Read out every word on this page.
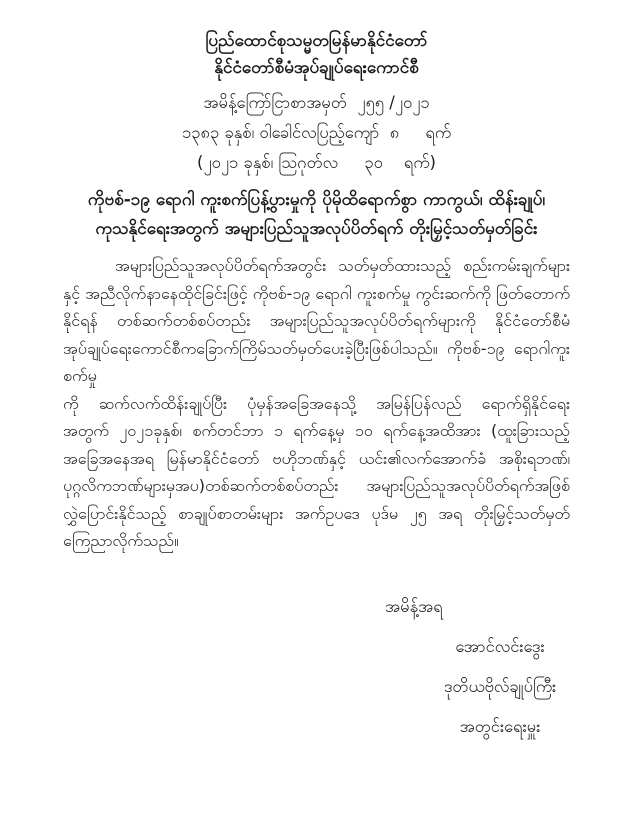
ပြည်ထောင်စုသမ္မတမြန်မာနိုင်ငံတော်
နိုင်ငံတော်စီမံအုပ်ချုပ်ရေးကောင်စီ
အမိန့်ကြော်ငြာစာအမှတ်  ၂၅၅ /၂၀၂၁
၁၃၈၃ ခုနှစ်၊ ဝါခေါင်လပြည့်ကျော်  ၈     ရက်
(၂၀၂၁ ခုနှစ်၊ သြဂုတ်လ     ၃၀    ရက်)
ကိုဗစ်-၁၉ ရောဂါ ကူးစက်ပြန့်ပွားမှုကို ပိုမိုထိရောက်စွာ ကာကွယ်၊ ထိန်းချုပ်၊
ကုသနိုင်ရေးအတွက် အများပြည်သူအလုပ်ပိတ်ရက် တိုးမြှင့်သတ်မှတ်ခြင်း
အများပြည်သူအလုပ်ပိတ်ရက်အတွင်း သတ်မှတ်ထားသည့် စည်းကမ်းချက်များ
နှင့် အညီလိုက်နာနေထိုင်ခြင်းဖြင့် ကိုဗစ်-၁၉ ရောဂါ ကူးစက်မှု ကွင်းဆက်ကို ဖြတ်တောက်
နိုင်ရန် တစ်ဆက်တစ်စပ်တည်း အများပြည်သူအလုပ်ပိတ်ရက်များကို နိုင်ငံတော်စီမံ
အုပ်ချုပ်ရေးကောင်စီကခြောက်ကြိမ်သတ်မှတ်ပေးခဲ့ပြီးဖြစ်ပါသည်။ ကိုဗစ်-၁၉ ရောဂါကူးစက်မှု
ကို ဆက်လက်ထိန်းချုပ်ပြီး ပုံမှန်အခြေအနေသို့ အမြန်ပြန်လည် ရောက်ရှိနိုင်ရေး
အတွက် ၂၀၂၁ခုနှစ်၊ စက်တင်ဘာ ၁ ရက်နေ့မှ ၁၀ ရက်နေ့အထိအား (ထူးခြားသည့်
အခြေအနေအရ မြန်မာနိုင်ငံတော် ဗဟိုဘဏ်နှင့် ယင်း၏လက်အောက်ခံ အစိုးရဘဏ်၊
ပုဂ္ဂလိကဘဏ်များမှအပ)တစ်ဆက်တစ်စပ်တည်း အများပြည်သူအလုပ်ပိတ်ရက်အဖြစ်
လွှဲပြောင်းနိုင်သည့် စာချုပ်စာတမ်းများ အက်ဥပဒေ ပုဒ်မ ၂၅ အရ တိုးမြှင့်သတ်မှတ်
ကြေညာလိုက်သည်။
အမိန့်အရ
အောင်လင်းဒွေး
ဒုတိယဗိုလ်ချုပ်ကြီး
အတွင်းရေးမှူး
